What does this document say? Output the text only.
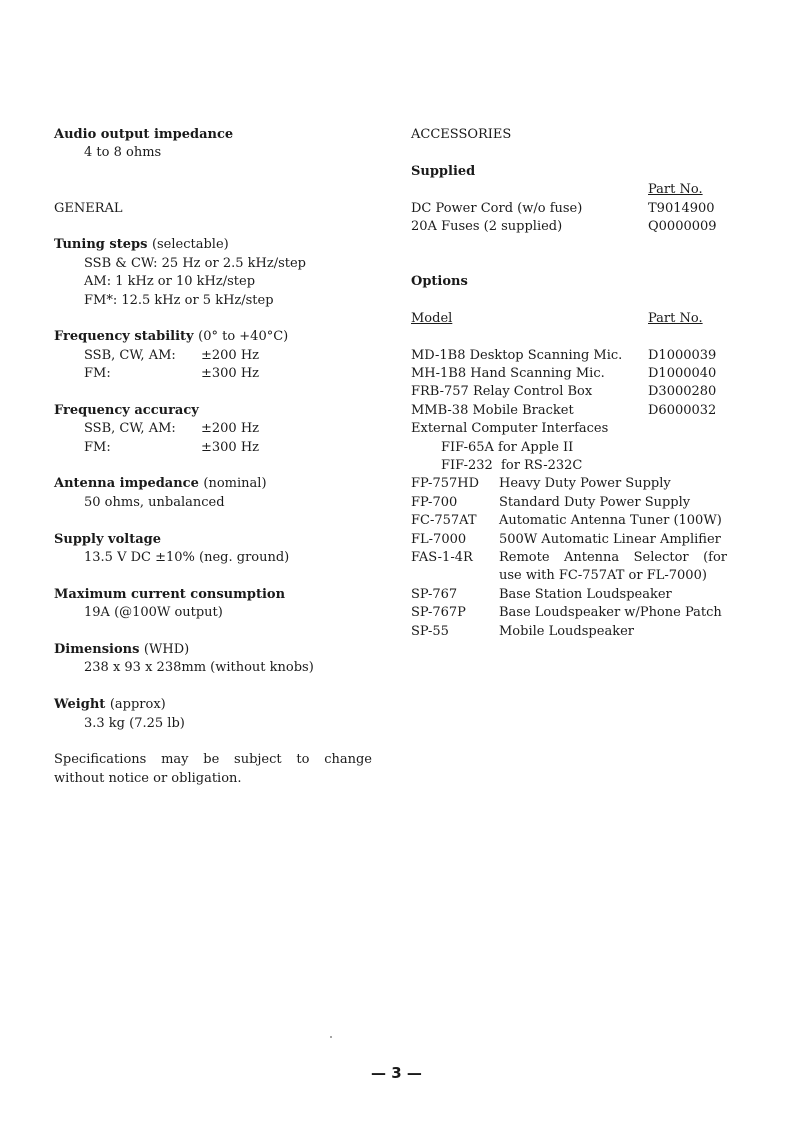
Audio output impedance
4 to 8 ohms
GENERAL
Tuning steps (selectable)
SSB & CW: 25 Hz or 2.5 kHz/step
AM: 1 kHz or 10 kHz/step
FM*: 12.5 kHz or 5 kHz/step
Frequency stability (0° to +40°C)
SSB, CW, AM:	±200 Hz
FM:	±300 Hz
Frequency accuracy
SSB, CW, AM:	±200 Hz
FM:	±300 Hz
Antenna impedance (nominal)
50 ohms, unbalanced
Supply voltage
13.5 V DC ±10% (neg. ground)
Maximum current consumption
19A (@100W output)
Dimensions (WHD)
238 x 93 x 238mm (without knobs)
Weight (approx)
3.3 kg (7.25 lb)
Specifications may be subject to change
without notice or obligation.
ACCESSORIES
Supplied
Part No.
DC Power Cord (w/o fuse)	T9014900
20A Fuses (2 supplied)	Q0000009
Options
Model	Part No.
MD-1B8 Desktop Scanning Mic. D1000039
MH-1B8 Hand Scanning Mic.	D1000040
FRB-757 Relay Control Box	D3000280
MMB-38 Mobile Bracket	D6000032
External Computer Interfaces
FIF-65A for Apple II
FIF-232  for RS-232C
FP-757HD	Heavy Duty Power Supply
FP-700	Standard Duty Power Supply
FC-757AT	Automatic Antenna Tuner (100W)
FL-7000	500W Automatic Linear Amplifier
FAS-1-4R	Remote Antenna Selector (for
use with FC-757AT or FL-7000)
SP-767	Base Station Loudspeaker
SP-767P	Base Loudspeaker w/Phone Patch
SP-55	Mobile Loudspeaker
— 3 —
